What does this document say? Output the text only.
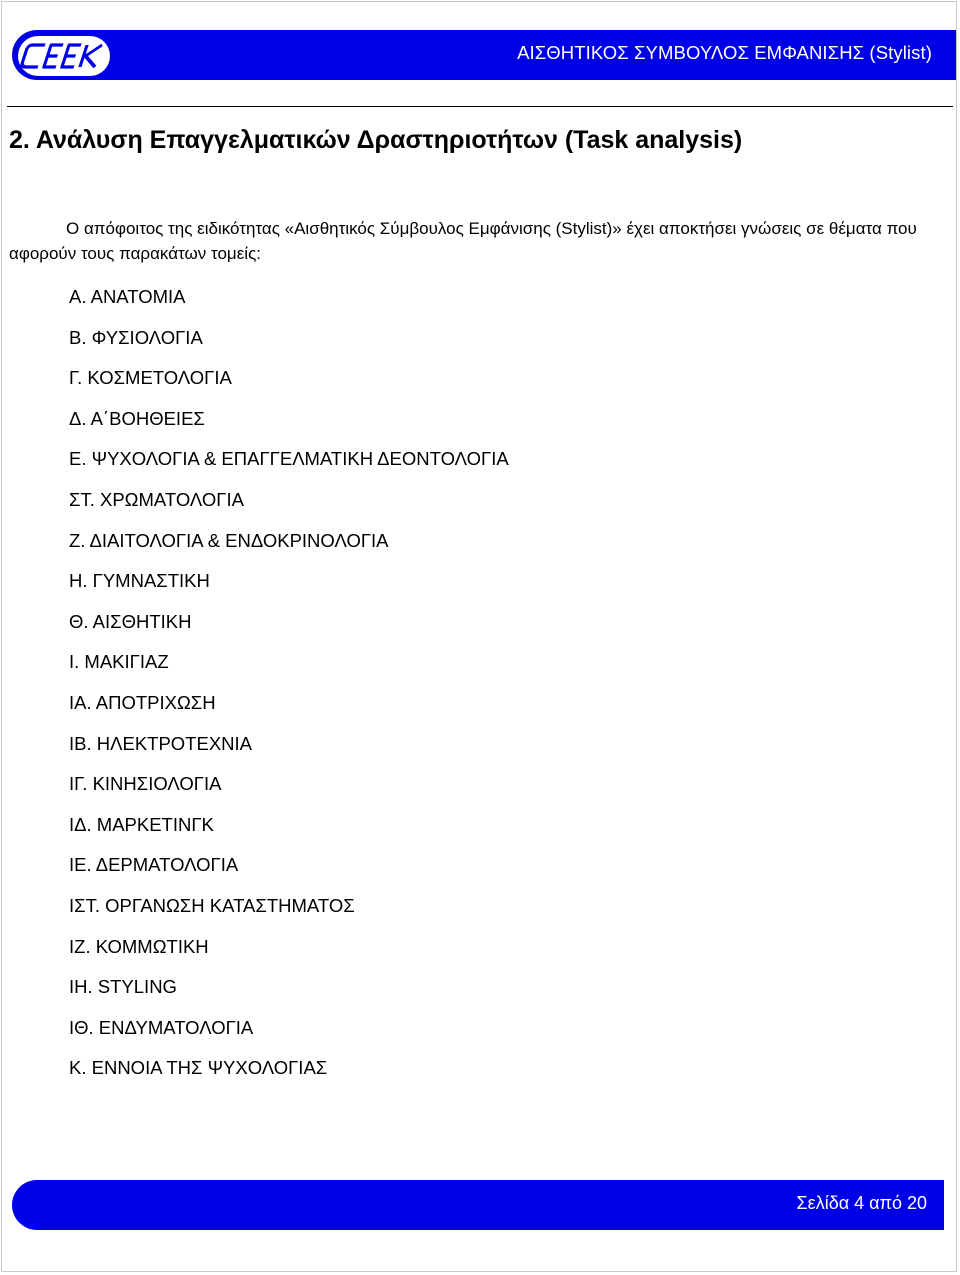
ΑΙΣΘΗΤΙΚΟΣ ΣΥΜΒΟΥΛΟΣ ΕΜΦΑΝΙΣΗΣ (Stylist)
2. Ανάλυση Επαγγελματικών Δραστηριοτήτων (Task analysis)

Ο απόφοιτος της ειδικότητας «Αισθητικός Σύμβουλος Εμφάνισης (Stylist)» έχει αποκτήσει γνώσεις σε θέματα που αφορούν τους παρακάτων τομείς:

Α. ΑΝΑΤΟΜΙΑ
Β. ΦΥΣΙΟΛΟΓΙΑ
Γ. ΚΟΣΜΕΤΟΛΟΓΙΑ
Δ. Α΄ΒΟΗΘΕΙΕΣ
Ε. ΨΥΧΟΛΟΓΙΑ & ΕΠΑΓΓΕΛΜΑΤΙΚΗ ΔΕΟΝΤΟΛΟΓΙΑ
ΣΤ. ΧΡΩΜΑΤΟΛΟΓΙΑ
Ζ. ΔΙΑΙΤΟΛΟΓΙΑ & ΕΝΔΟΚΡΙΝΟΛΟΓΙΑ
Η. ΓΥΜΝΑΣΤΙΚΗ
Θ. ΑΙΣΘΗΤΙΚΗ
Ι. ΜΑΚΙΓΙΑΖ
ΙΑ. ΑΠΟΤΡΙΧΩΣΗ
ΙΒ. ΗΛΕΚΤΡΟΤΕΧΝΙΑ
ΙΓ. ΚΙΝΗΣΙΟΛΟΓΙΑ
ΙΔ. ΜΑΡΚΕΤΙΝΓΚ
ΙΕ. ΔΕΡΜΑΤΟΛΟΓΙΑ
ΙΣΤ. ΟΡΓΑΝΩΣΗ ΚΑΤΑΣΤΗΜΑΤΟΣ
ΙΖ. ΚΟΜΜΩΤΙΚΗ
ΙΗ. STYLING
ΙΘ. ΕΝΔΥΜΑΤΟΛΟΓΙΑ
Κ. ΕΝΝΟΙΑ ΤΗΣ ΨΥΧΟΛΟΓΙΑΣ
Σελίδα 4 από 20
